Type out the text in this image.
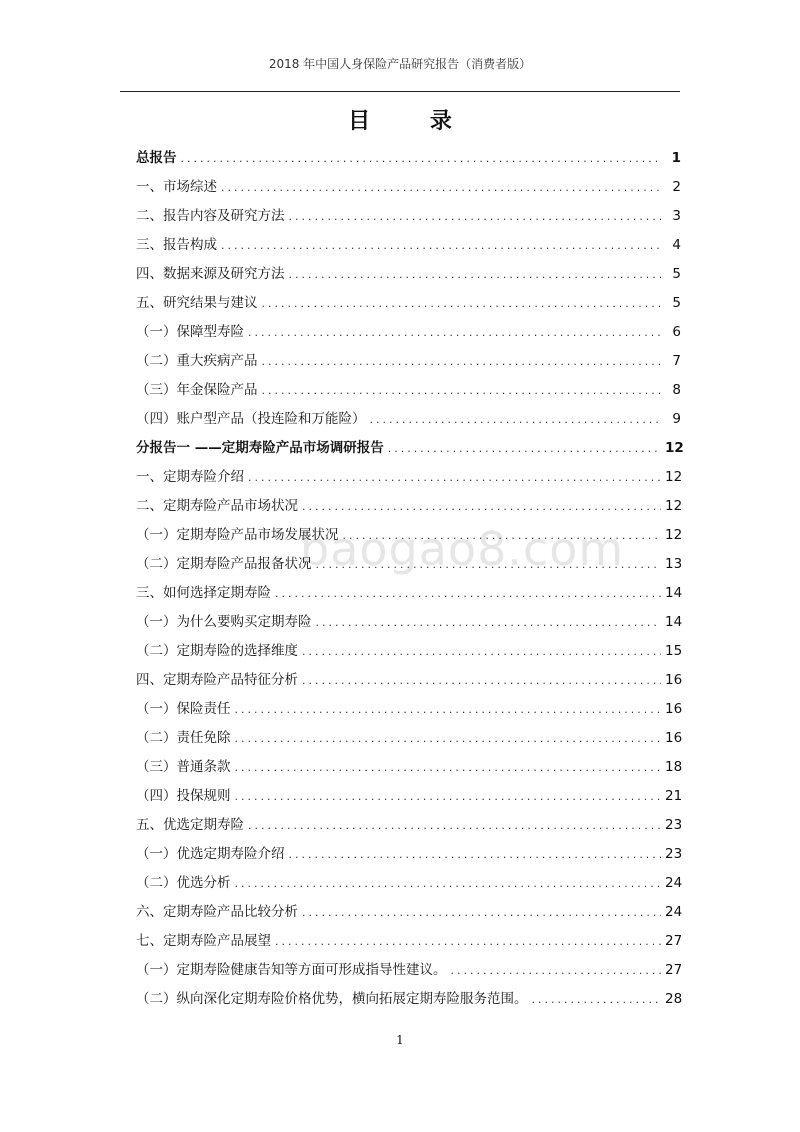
2018 年中国人身保险产品研究报告（消费者版）
目 录
baogao8.com
总报告 .....	1
一、市场综述 .....	2
二、报告内容及研究方法 .....	3
三、报告构成 .....	4
四、数据来源及研究方法 .....	5
五、研究结果与建议 .....	5
（一）保障型寿险 .....	6
（二）重大疾病产品 .....	7
（三）年金保险产品 .....	8
（四）账户型产品（投连险和万能险） .....	9
分报告一 ——定期寿险产品市场调研报告 .....	12
一、定期寿险介绍 .....	12
二、定期寿险产品市场状况 .....	12
（一）定期寿险产品市场发展状况 .....	12
（二）定期寿险产品报备状况 .....	13
三、如何选择定期寿险 .....	14
（一）为什么要购买定期寿险 .....	14
（二）定期寿险的选择维度 .....	15
四、定期寿险产品特征分析 .....	16
（一）保险责任 .....	16
（二）责任免除 .....	16
（三）普通条款 .....	18
（四）投保规则 .....	21
五、优选定期寿险 .....	23
（一）优选定期寿险介绍 .....	23
（二）优选分析 .....	24
六、定期寿险产品比较分析 .....	24
七、定期寿险产品展望 .....	27
（一）定期寿险健康告知等方面可形成指导性建议。 .....	27
（二）纵向深化定期寿险价格优势，横向拓展定期寿险服务范围。 .....	28
1
